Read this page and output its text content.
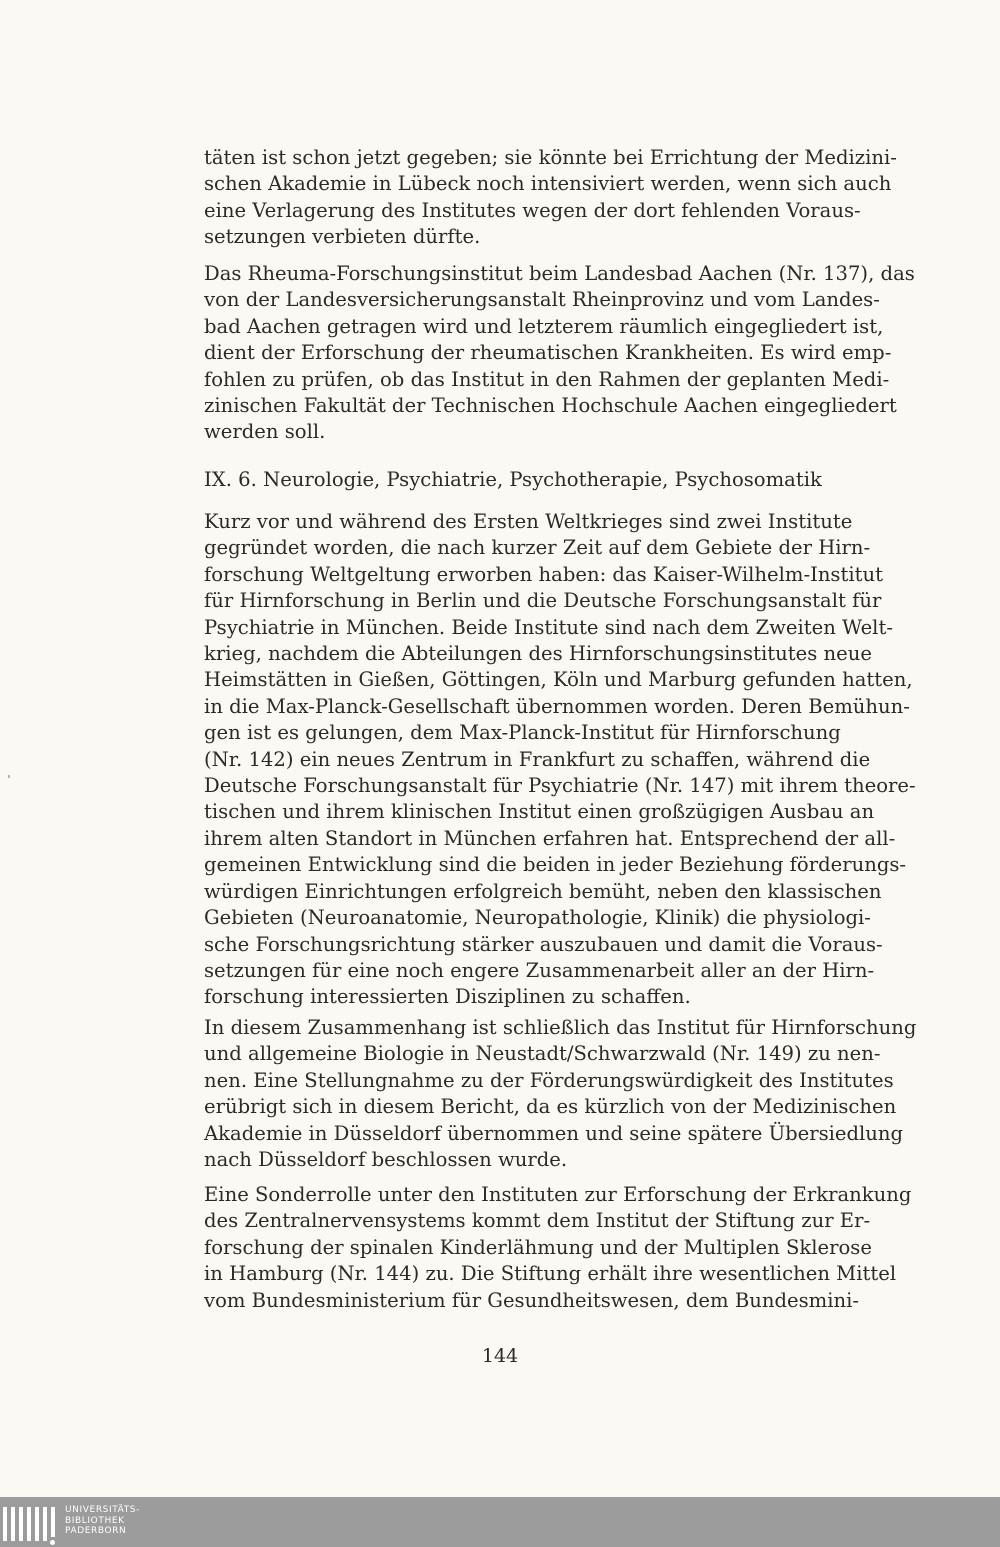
täten ist schon jetzt gegeben; sie könnte bei Errichtung der Medizini-
schen Akademie in Lübeck noch intensiviert werden, wenn sich auch
eine Verlagerung des Institutes wegen der dort fehlenden Voraus-
setzungen verbieten dürfte.
Das Rheuma-Forschungsinstitut beim Landesbad Aachen (Nr. 137), das
von der Landesversicherungsanstalt Rheinprovinz und vom Landes-
bad Aachen getragen wird und letzterem räumlich eingegliedert ist,
dient der Erforschung der rheumatischen Krankheiten. Es wird emp-
fohlen zu prüfen, ob das Institut in den Rahmen der geplanten Medi-
zinischen Fakultät der Technischen Hochschule Aachen eingegliedert
werden soll.
IX. 6. Neurologie, Psychiatrie, Psychotherapie, Psychosomatik
Kurz vor und während des Ersten Weltkrieges sind zwei Institute
gegründet worden, die nach kurzer Zeit auf dem Gebiete der Hirn-
forschung Weltgeltung erworben haben: das Kaiser-Wilhelm-Institut
für Hirnforschung in Berlin und die Deutsche Forschungsanstalt für
Psychiatrie in München. Beide Institute sind nach dem Zweiten Welt-
krieg, nachdem die Abteilungen des Hirnforschungsinstitutes neue
Heimstätten in Gießen, Göttingen, Köln und Marburg gefunden hatten,
in die Max-Planck-Gesellschaft übernommen worden. Deren Bemühun-
gen ist es gelungen, dem Max-Planck-Institut für Hirnforschung
(Nr. 142) ein neues Zentrum in Frankfurt zu schaffen, während die
Deutsche Forschungsanstalt für Psychiatrie (Nr. 147) mit ihrem theore-
tischen und ihrem klinischen Institut einen großzügigen Ausbau an
ihrem alten Standort in München erfahren hat. Entsprechend der all-
gemeinen Entwicklung sind die beiden in jeder Beziehung förderungs-
würdigen Einrichtungen erfolgreich bemüht, neben den klassischen
Gebieten (Neuroanatomie, Neuropathologie, Klinik) die physiologi-
sche Forschungsrichtung stärker auszubauen und damit die Voraus-
setzungen für eine noch engere Zusammenarbeit aller an der Hirn-
forschung interessierten Disziplinen zu schaffen.
In diesem Zusammenhang ist schließlich das Institut für Hirnforschung
und allgemeine Biologie in Neustadt/Schwarzwald (Nr. 149) zu nen-
nen. Eine Stellungnahme zu der Förderungswürdigkeit des Institutes
erübrigt sich in diesem Bericht, da es kürzlich von der Medizinischen
Akademie in Düsseldorf übernommen und seine spätere Übersiedlung
nach Düsseldorf beschlossen wurde.
Eine Sonderrolle unter den Instituten zur Erforschung der Erkrankung
des Zentralnervensystems kommt dem Institut der Stiftung zur Er-
forschung der spinalen Kinderlähmung und der Multiplen Sklerose
in Hamburg (Nr. 144) zu. Die Stiftung erhält ihre wesentlichen Mittel
vom Bundesministerium für Gesundheitswesen, dem Bundesmini-
144
UNIVERSITÄTS-
BIBLIOTHEK
PADERBORN
